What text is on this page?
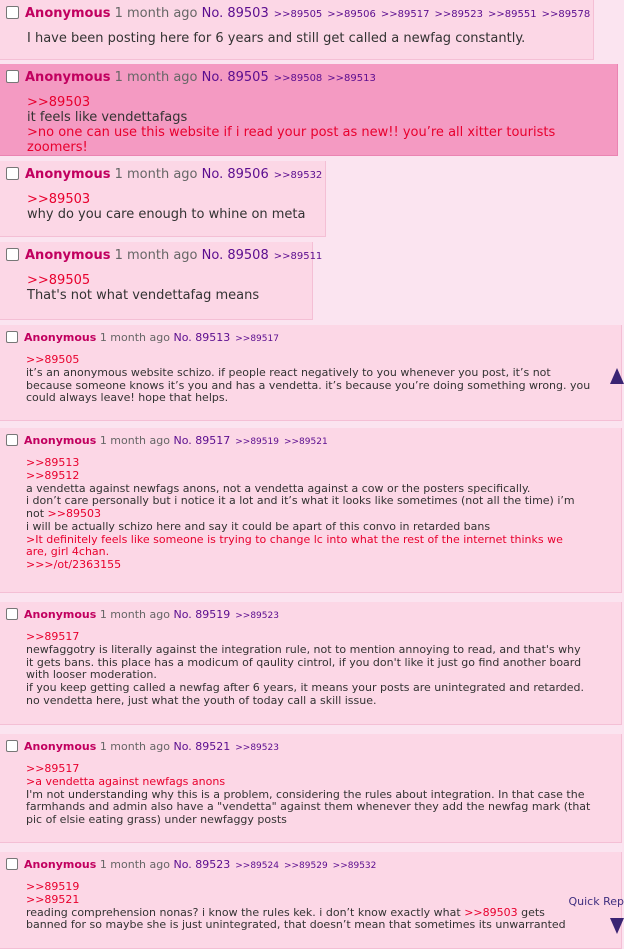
Anonymous 1 month ago No. 89503 >>89505 >>89506 >>89517 >>89523 >>89551 >>89578
I have been posting here for 6 years and still get called a newfag constantly.
Anonymous 1 month ago No. 89505 >>89508 >>89513
>>89503
it feels like vendettafags
>no one can use this website if i read your post as new!! you’re all xitter tourists zoomers!
Anonymous 1 month ago No. 89506 >>89532
>>89503
why do you care enough to whine on meta
Anonymous 1 month ago No. 89508 >>89511
>>89505
That's not what vendettafag means
Anonymous 1 month ago No. 89513 >>89517
>>89505
it’s an anonymous website schizo. if people react negatively to you whenever you post, it’s not
because someone knows it’s you and has a vendetta. it’s because you’re doing something wrong. you
could always leave! hope that helps.
Anonymous 1 month ago No. 89517 >>89519 >>89521
>>89513
>>89512
a vendetta against newfags anons, not a vendetta against a cow or the posters specifically.
i don’t care personally but i notice it a lot and it’s what it looks like sometimes (not all the time) i’m
not >>89503
i will be actually schizo here and say it could be apart of this convo in retarded bans
>It definitely feels like someone is trying to change lc into what the rest of the internet thinks we
are, girl 4chan.
>>>/ot/2363155
Anonymous 1 month ago No. 89519 >>89523
>>89517
newfaggotry is literally against the integration rule, not to mention annoying to read, and that's why
it gets bans. this place has a modicum of qaulity cintrol, if you don't like it just go find another board
with looser moderation.
if you keep getting called a newfag after 6 years, it means your posts are unintegrated and retarded.
no vendetta here, just what the youth of today call a skill issue.
Anonymous 1 month ago No. 89521 >>89523
>>89517
>a vendetta against newfags anons
I'm not understanding why this is a problem, considering the rules about integration. In that case the
farmhands and admin also have a "vendetta" against them whenever they add the newfag mark (that
pic of elsie eating grass) under newfaggy posts
Anonymous 1 month ago No. 89523 >>89524 >>89529 >>89532
>>89519
>>89521
reading comprehension nonas? i know the rules kek. i don’t know exactly what >>89503 gets
banned for so maybe she is just unintegrated, that doesn’t mean that sometimes its unwarranted
Quick Rep
